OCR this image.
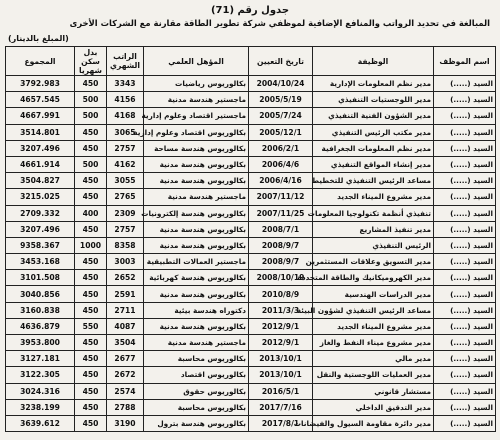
جدول رقم (71)
المبالغة في تحديد الرواتب والمنافع الإضافية لموظفي شركة تطوير الطاقة مقارنة مع الشركات الأخرى
(المبلغ بالدينار)
اسم الموظف	الوظيفة	تاريخ التعيين	المؤهل العلمي	الراتب الشهري	بدل سكن شهريا	المجموع
السيد (.....)	مدير نظم المعلومات الإدارية	2004/10/24	بكالوريوس رياضيات	3343	450	3792.983
السيد (.....)	مدير اللوجستيات التنفيذي	2005/5/19	ماجستير هندسة مدنية	4156	500	4657.545
السيد (.....)	مدير الشؤون الفنية التنفيذي	2005/7/24	ماجستير اقتصاد وعلوم إدارية	4168	500	4667.991
السيد (.....)	مدير مكتب الرئيس التنفيذي	2005/12/1	بكالوريوس اقتصاد وعلوم إدارية	3065	450	3514.801
السيد (.....)	مدير نظم المعلومات الجغرافية	2006/2/1	بكالوريوس هندسة مساحة	2757	450	3207.496
السيد (.....)	مدير إنشاء المواقع التنفيذي	2006/4/6	بكالوريوس هندسة مدنية	4162	500	4661.914
السيد (.....)	مساعد الرئيس التنفيذي للتخطيط	2006/4/16	بكالوريوس هندسة مدنية	3055	450	3504.827
السيد (.....)	مدير مشروع الميناء الجديد	2007/11/12	ماجستير هندسة مدنية	2765	450	3215.025
السيد (.....)	تنفيذي أنظمة تكنولوجيا المعلومات	2007/11/25	بكالوريوس هندسة إلكترونيات	2309	400	2709.332
السيد (.....)	مدير تنفيذ المشاريع	2008/7/1	بكالوريوس هندسة مدنية	2757	450	3207.496
السيد (.....)	الرئيس التنفيذي	2008/9/7	بكالوريوس هندسة مدنية	8358	1000	9358.367
السيد (.....)	مدير التسويق وعلاقات المستثمرين	2008/9/7	ماجستير العمالات التطبيقية	3003	450	3453.168
السيد (.....)	مدير الكهروميكانيك والطاقة المتجددة	2008/10/19	بكالوريوس هندسة كهربائية	2652	450	3101.508
السيد (.....)	مدير الدراسات الهندسية	2010/8/9	بكالوريوس هندسة مدنية	2591	450	3040.856
السيد (.....)	مساعد الرئيس التنفيذي لشؤون البيئة	2011/3/3	دكتوراه هندسة بيئية	2711	450	3160.838
السيد (.....)	مدير مشروع الميناء الجديد	2012/9/1	بكالوريوس هندسة مدنية	4087	550	4636.879
السيد (.....)	مدير مشروع ميناء النفط والغاز	2012/9/1	ماجستير هندسة مدنية	3504	450	3953.800
السيد (.....)	مدير مالي	2013/10/1	بكالوريوس محاسبة	2677	450	3127.181
السيد (.....)	مدير العمليات اللوجستية والنقل	2013/10/1	بكالوريوس اقتصاد	2672	450	3122.305
السيد (.....)	مستشار قانوني	2016/5/1	بكالوريوس حقوق	2574	450	3024.316
السيد (.....)	مدير التدقيق الداخلي	2017/7/16	بكالوريوس محاسبة	2788	450	3238.199
السيد (.....)	مدير دائرة مقاومة السيول والفيضانات	2017/8/1	بكالوريوس هندسة بترول	3190	450	3639.612
